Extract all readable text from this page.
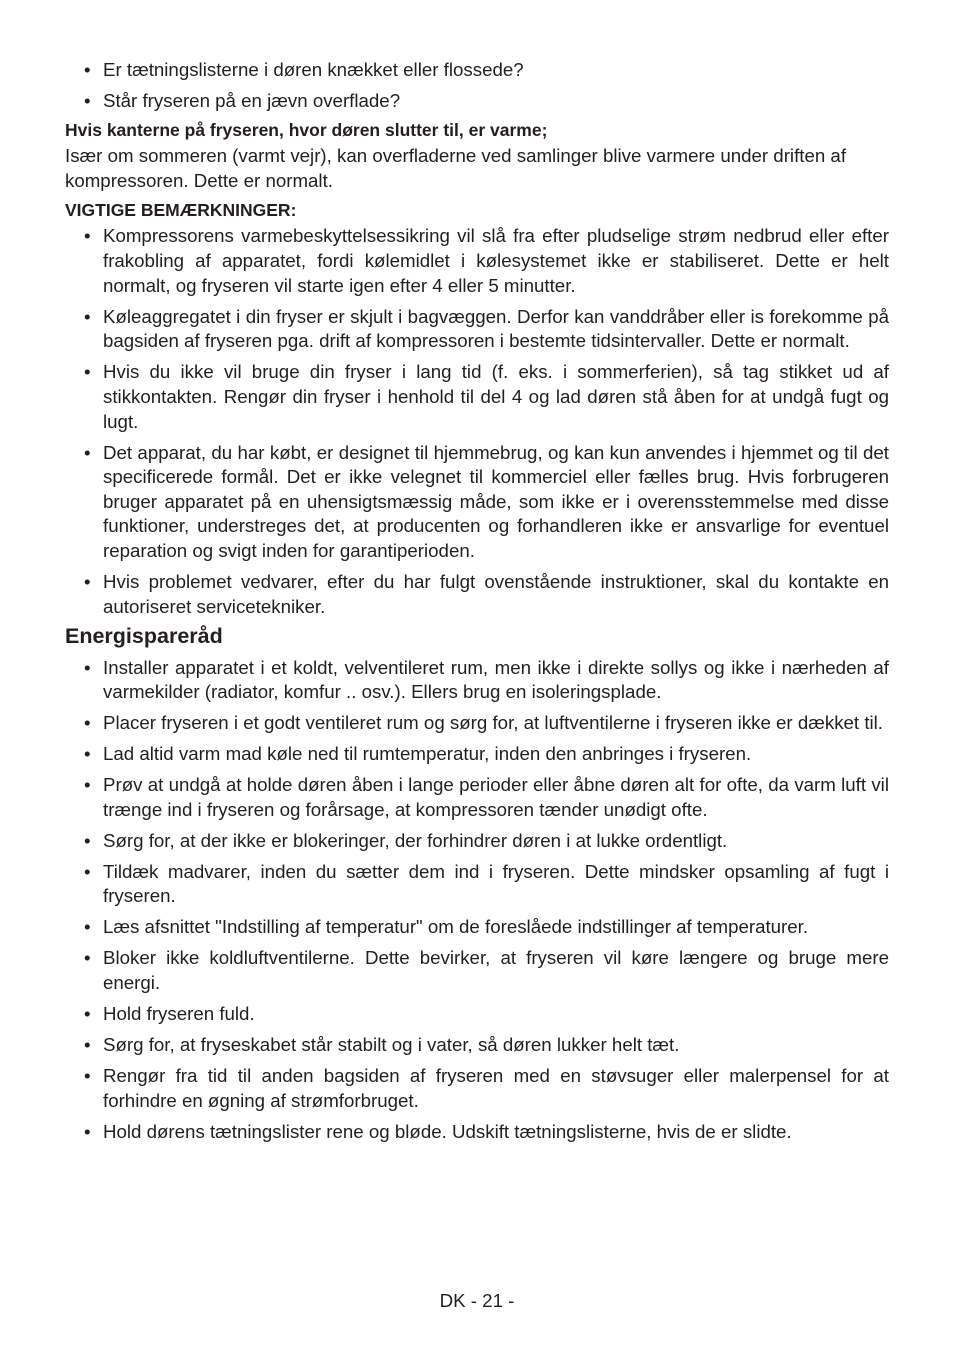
• Er tætningslisterne i døren knækket eller flossede?
• Står fryseren på en jævn overflade?
Hvis kanterne på fryseren, hvor døren slutter til, er varme;

Især om sommeren (varmt vejr), kan overfladerne ved samlinger blive varmere under driften af kompressoren. Dette er normalt.

VIGTIGE BEMÆRKNINGER:
• Kompressorens varmebeskyttelsessikring vil slå fra efter pludselige strøm nedbrud eller efter frakobling af apparatet, fordi kølemidlet i kølesystemet ikke er stabiliseret. Dette er helt normalt, og fryseren vil starte igen efter 4 eller 5 minutter.
• Køleaggregatet i din fryser er skjult i bagvæggen. Derfor kan vanddråber eller is forekomme på bagsiden af fryseren pga. drift af kompressoren i bestemte tidsintervaller. Dette er normalt.
• Hvis du ikke vil bruge din fryser i lang tid (f. eks. i sommerferien), så tag stikket ud af stikkontakten. Rengør din fryser i henhold til del 4 og lad døren stå åben for at undgå fugt og lugt.
• Det apparat, du har købt, er designet til hjemmebrug, og kan kun anvendes i hjemmet og til det specificerede formål. Det er ikke velegnet til kommerciel eller fælles brug. Hvis forbrugeren bruger apparatet på en uhensigtsmæssig måde, som ikke er i overensstemmelse med disse funktioner, understreges det, at producenten og forhandleren ikke er ansvarlige for eventuel reparation og svigt inden for garantiperioden.
• Hvis problemet vedvarer, efter du har fulgt ovenstående instruktioner, skal du kontakte en autoriseret servicetekniker.
Energisparеråd
• Installer apparatet i et koldt, velventileret rum, men ikke i direkte sollys og ikke i nærheden af varmekilder (radiator, komfur .. osv.). Ellers brug en isoleringsplade.
• Placer fryseren i et godt ventileret rum og sørg for, at luftventilerne i fryseren ikke er dækket til.
• Lad altid varm mad køle ned til rumtemperatur, inden den anbringes i fryseren.
• Prøv at undgå at holde døren åben i lange perioder eller åbne døren alt for ofte, da varm luft vil trænge ind i fryseren og forårsage, at kompressoren tænder unødigt ofte.
• Sørg for, at der ikke er blokeringer, der forhindrer døren i at lukke ordentligt.
• Tildæk madvarer, inden du sætter dem ind i fryseren. Dette mindsker opsamling af fugt i fryseren.
• Læs afsnittet "Indstilling af temperatur" om de foreslåede indstillinger af temperaturer.
• Bloker ikke koldluftventilerne. Dette bevirker, at fryseren vil køre længere og bruge mere energi.
• Hold fryseren fuld.
• Sørg for, at fryseskabet står stabilt og i vater, så døren lukker helt tæt.
• Rengør fra tid til anden bagsiden af fryseren med en støvsuger eller malerpensel for at forhindre en øgning af strømforbruget.
• Hold dørens tætningslister rene og bløde. Udskift tætningslisterne, hvis de er slidte.
DK - 21 -
